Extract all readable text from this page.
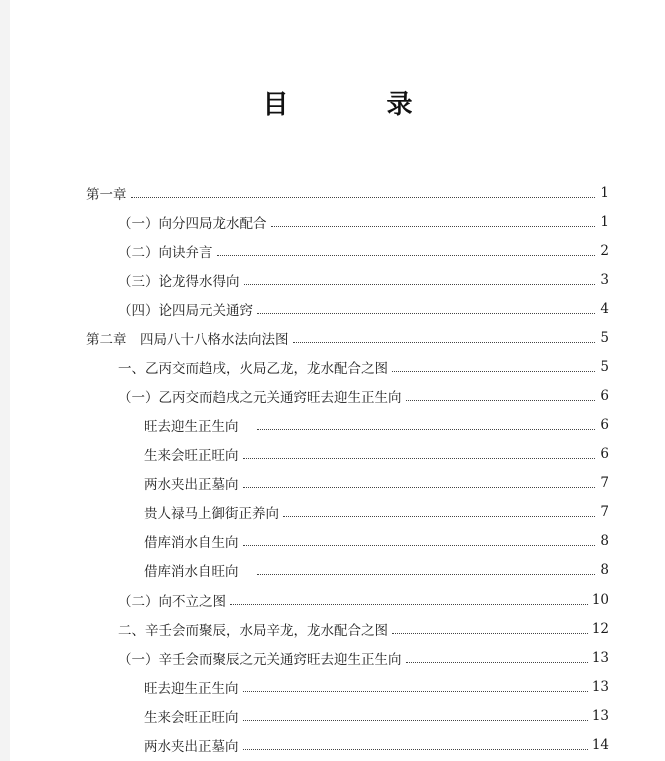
目　录
第一章	1
（一）向分四局龙水配合	1
（二）向诀弁言	2
（三）论龙得水得向	3
（四）论四局元关通窍	4
第二章　四局八十八格水法向法图	5
一、乙丙交而趋戌，火局乙龙，龙水配合之图	5
（一）乙丙交而趋戌之元关通窍旺去迎生正生向	6
旺去迎生正生向	6
生来会旺正旺向	6
两水夹出正墓向	7
贵人禄马上御街正养向	7
借库消水自生向	8
借库消水自旺向	8
（二）向不立之图	10
二、辛壬会而聚辰，水局辛龙，龙水配合之图	12
（一）辛壬会而聚辰之元关通窍旺去迎生正生向	13
旺去迎生正生向	13
生来会旺正旺向	13
两水夹出正墓向	14
